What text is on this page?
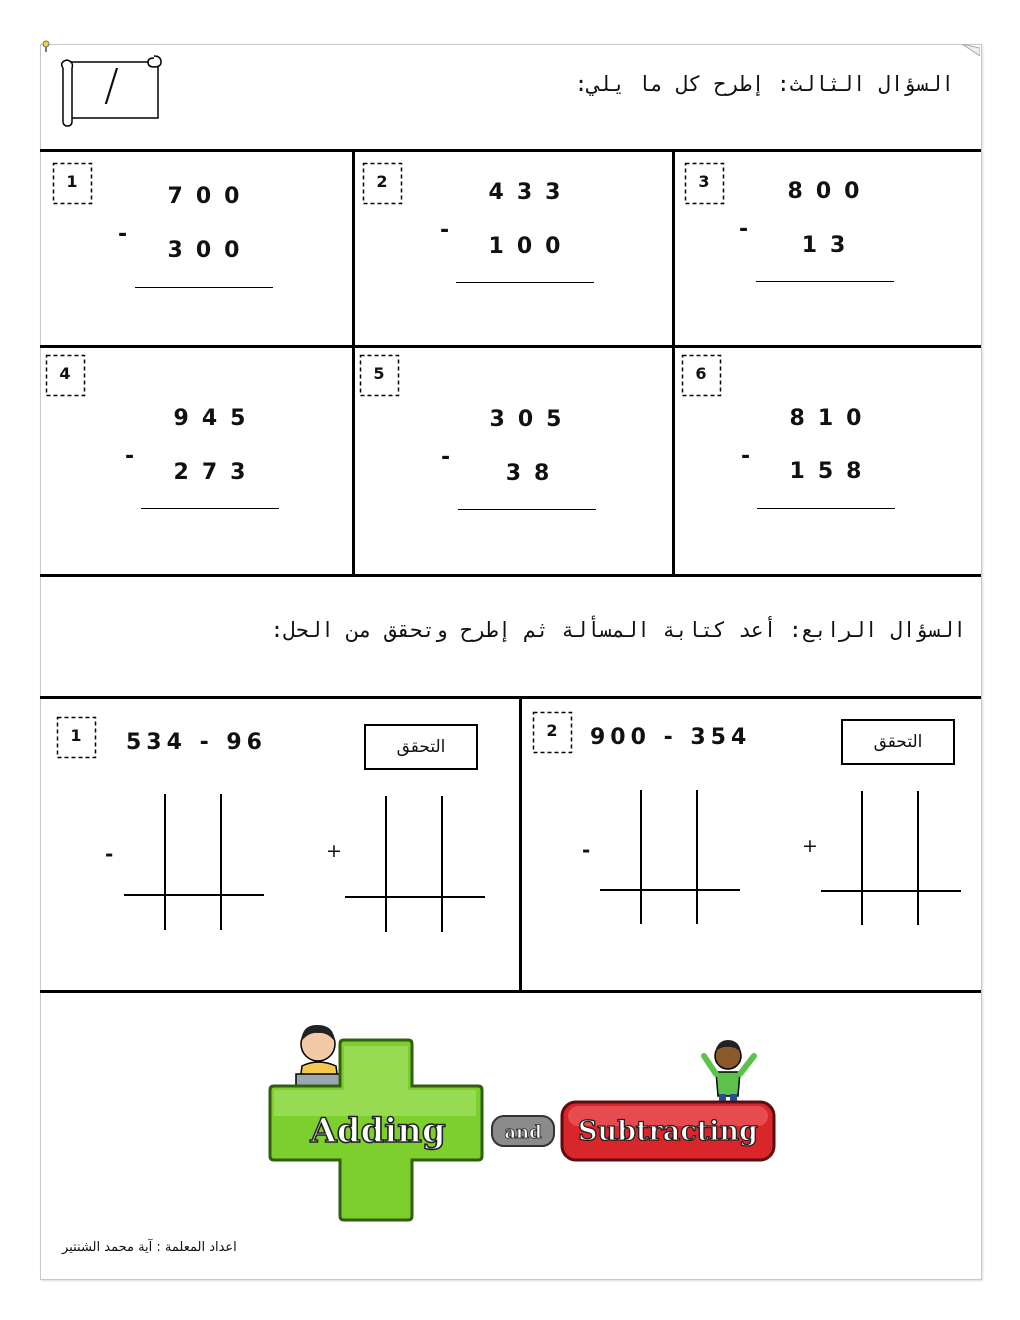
/	السؤال الثالث: إطرح كل ما يلي:
1
700
-
300
2	433
-
100
3	800
-
13
4
945
-
273
5
305
-
38
6
810
-
158
السؤال الرابع: أعد كتابة المسألة ثم إطرح وتحقق من الحل:
1	534 - 96	التحقق
-	+
2	900 - 354	التحقق
-	+
Adding	and Subtracting
اعداد المعلمة : آية محمد الشنتير
